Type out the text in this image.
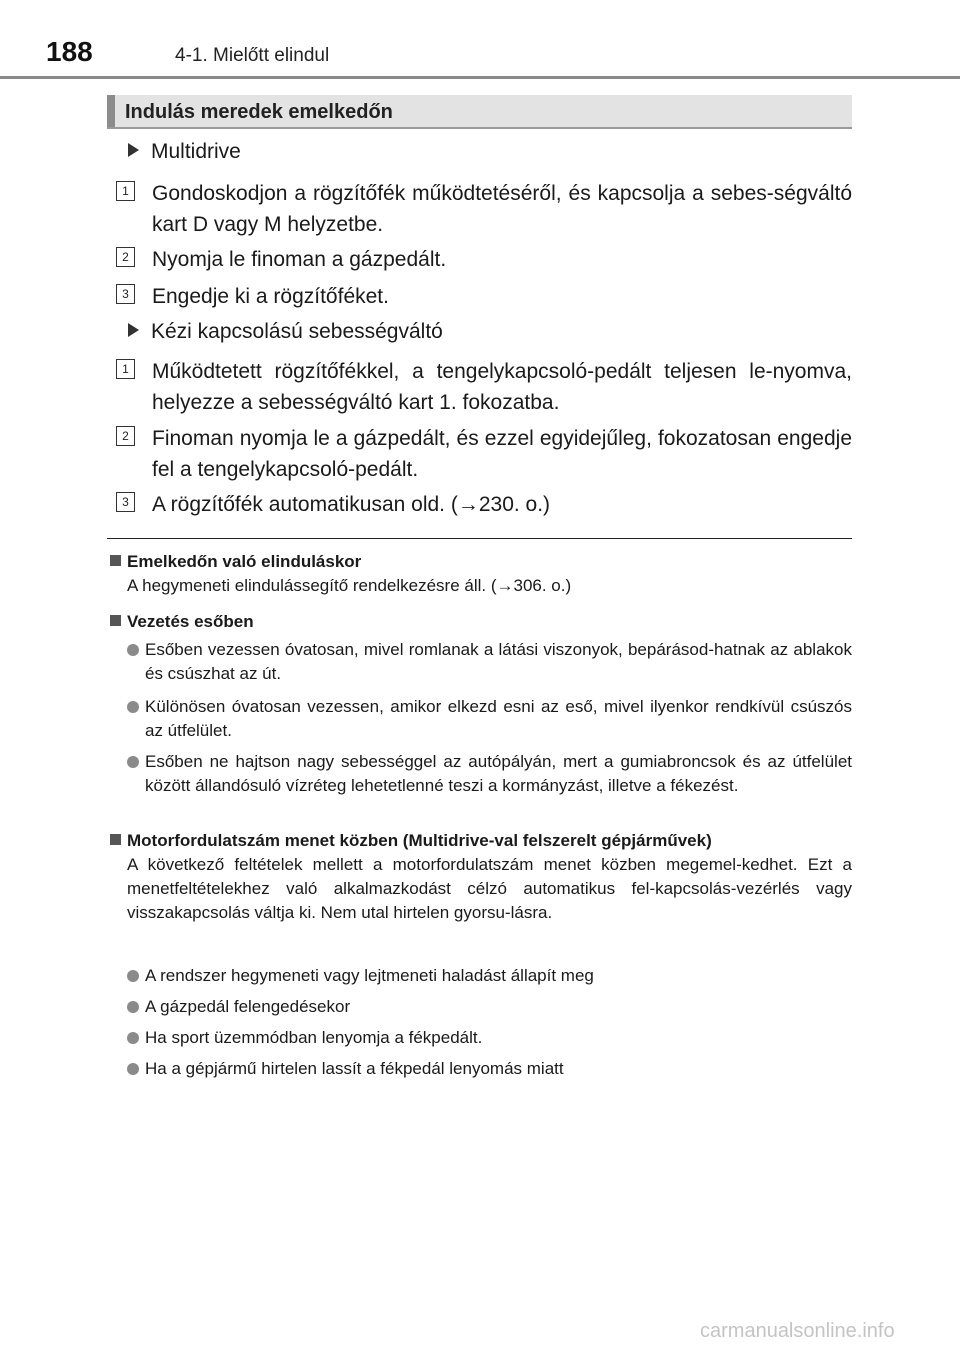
188	4-1. Mielőtt elindul
Indulás meredek emelkedőn
Multidrive
1 Gondoskodjon a rögzítőfék működtetéséről, és kapcsolja a sebes-ségváltó kart D vagy M helyzetbe.
2 Nyomja le finoman a gázpedált.
3 Engedje ki a rögzítőféket.
Kézi kapcsolású sebességváltó
1 Működtetett rögzítőfékkel, a tengelykapcsoló-pedált teljesen le-nyomva, helyezze a sebességváltó kart 1. fokozatba.
2 Finoman nyomja le a gázpedált, és ezzel egyidejűleg, fokozatosan engedje fel a tengelykapcsoló-pedált.
3 A rögzítőfék automatikusan old. (→230. o.)
Emelkedőn való elinduláskor
A hegymeneti elindulássegítő rendelkezésre áll. (→306. o.)
Vezetés esőben
Esőben vezessen óvatosan, mivel romlanak a látási viszonyok, bepárásod-hatnak az ablakok és csúszhat az út.
Különösen óvatosan vezessen, amikor elkezd esni az eső, mivel ilyenkor rendkívül csúszós az útfelület.
Esőben ne hajtson nagy sebességgel az autópályán, mert a gumiabroncsok és az útfelület között állandósuló vízréteg lehetetlenné teszi a kormányzást, illetve a fékezést.
Motorfordulatszám menet közben (Multidrive-val felszerelt gépjárművek)
A következő feltételek mellett a motorfordulatszám menet közben megemel-kedhet. Ezt a menetfeltételekhez való alkalmazkodást célzó automatikus fel-kapcsolás-vezérlés vagy visszakapcsolás váltja ki. Nem utal hirtelen gyorsu-lásra.
A rendszer hegymeneti vagy lejtmeneti haladást állapít meg
A gázpedál felengedésekor
Ha sport üzemmódban lenyomja a fékpedált.
Ha a gépjármű hirtelen lassít a fékpedál lenyomás miatt
carmanualsonline.info
